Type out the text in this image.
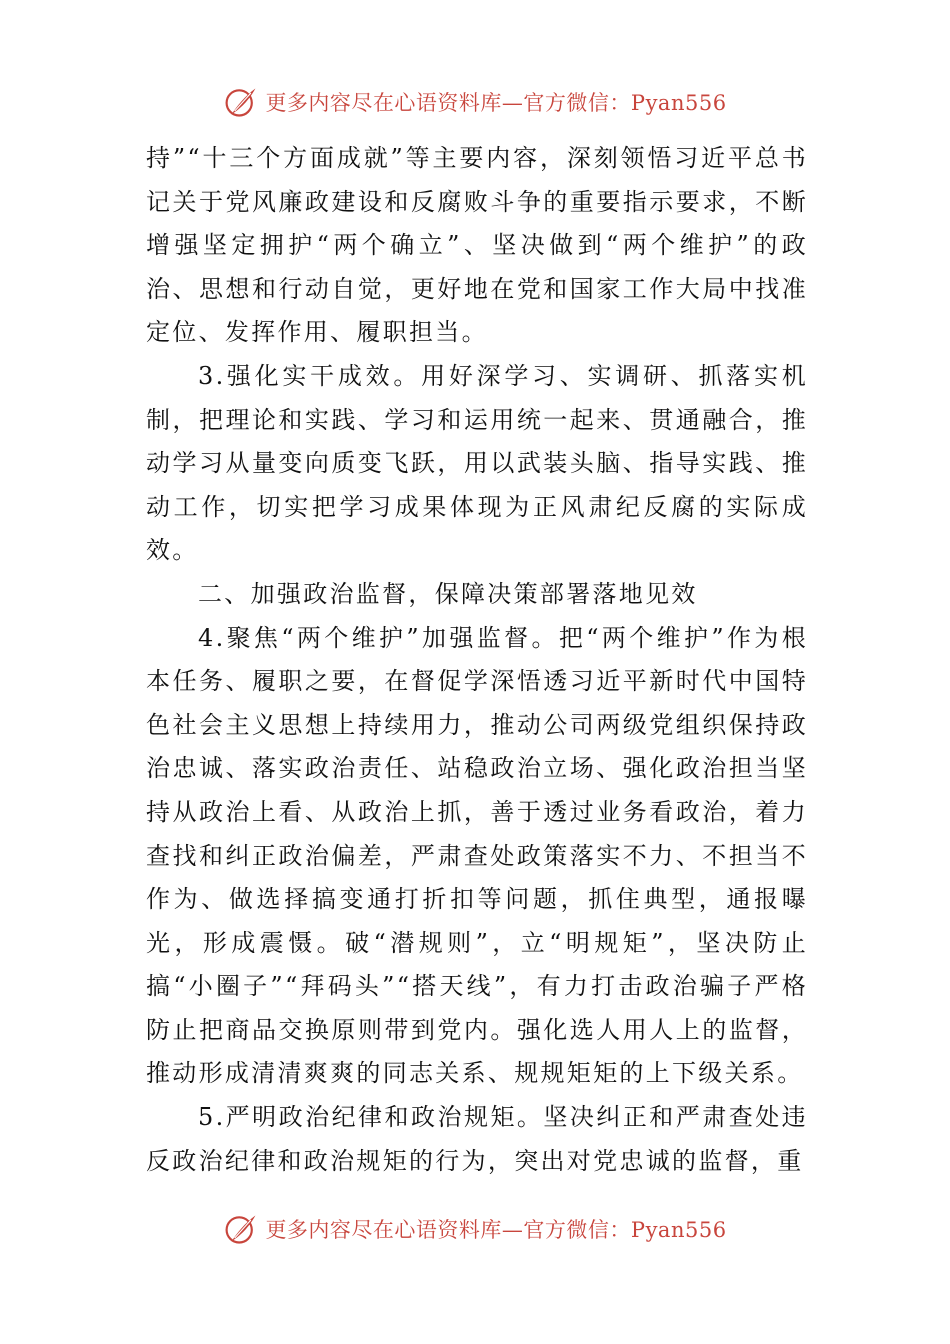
更多内容尽在心语资料库—官方微信：Pyan556

持”“十三个方面成就”等主要内容，深刻领悟习近平总书记关于党风廉政建设和反腐败斗争的重要指示要求，不断增强坚定拥护“两个确立”、坚决做到“两个维护”的政治、思想和行动自觉，更好地在党和国家工作大局中找准定位、发挥作用、履职担当。

3.强化实干成效。用好深学习、实调研、抓落实机制，把理论和实践、学习和运用统一起来、贯通融合，推动学习从量变向质变飞跃，用以武装头脑、指导实践、推动工作，切实把学习成果体现为正风肃纪反腐的实际成效。

二、加强政治监督，保障决策部署落地见效

4.聚焦“两个维护”加强监督。把“两个维护”作为根本任务、履职之要，在督促学深悟透习近平新时代中国特色社会主义思想上持续用力，推动公司两级党组织保持政治忠诚、落实政治责任、站稳政治立场、强化政治担当坚持从政治上看、从政治上抓，善于透过业务看政治，着力查找和纠正政治偏差，严肃查处政策落实不力、不担当不作为、做选择搞变通打折扣等问题，抓住典型，通报曝光，形成震慑。破“潜规则”，立“明规矩”，坚决防止搞“小圈子”“拜码头”“搭天线”，有力打击政治骗子严格防止把商品交换原则带到党内。强化选人用人上的监督，推动形成清清爽爽的同志关系、规规矩矩的上下级关系。

5.严明政治纪律和政治规矩。坚决纠正和严肃查处违反政治纪律和政治规矩的行为，突出对党忠诚的监督，重

更多内容尽在心语资料库—官方微信：Pyan556
